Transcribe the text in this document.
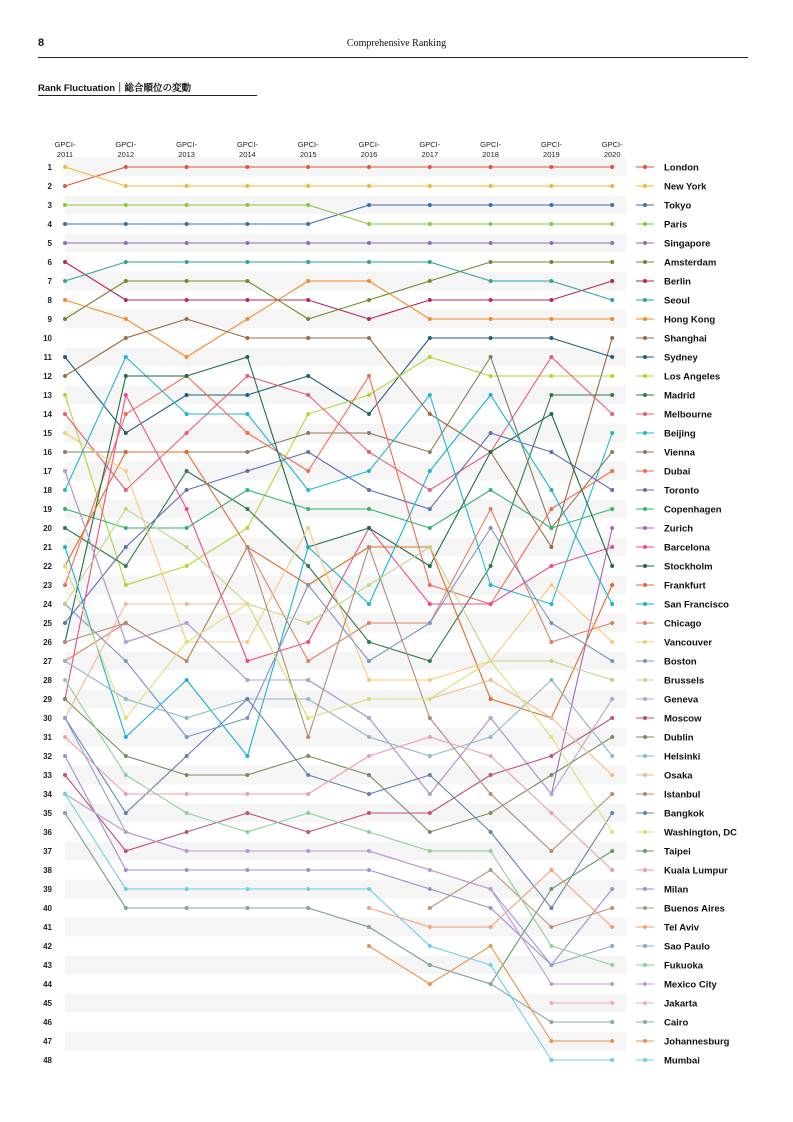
8	Comprehensive Ranking
Rank Fluctuation｜総合順位の変動
1
2
3
4
5
6
7
8
9
10
11
12
13
14
15
16
17
18
19
20
21
22
23
24
25
26
27
28
29
30
31
32
33
34
35
36
37
38
39
40
41
42
43
44
45
46
47
48
GPCI-2011
GPCI-2012
GPCI-2013
GPCI-2014
GPCI-2015
GPCI-2016
GPCI-2017
GPCI-2018
GPCI-2019
GPCI-2020
London
New York
Tokyo
Paris
Singapore
Amsterdam
Berlin
Seoul
Hong Kong
Shanghai
Sydney
Los Angeles
Madrid
Melbourne
Beijing
Vienna
Dubai
Toronto
Copenhagen
Zurich
Barcelona
Stockholm
Frankfurt
San Francisco
Chicago
Vancouver
Boston
Brussels
Geneva
Moscow
Dublin
Helsinki
Osaka
Istanbul
Bangkok
Washington, DC
Taipei
Kuala Lumpur
Milan
Buenos Aires
Tel Aviv
Sao Paulo
Fukuoka
Mexico City
Jakarta
Cairo
Johannesburg
Mumbai
